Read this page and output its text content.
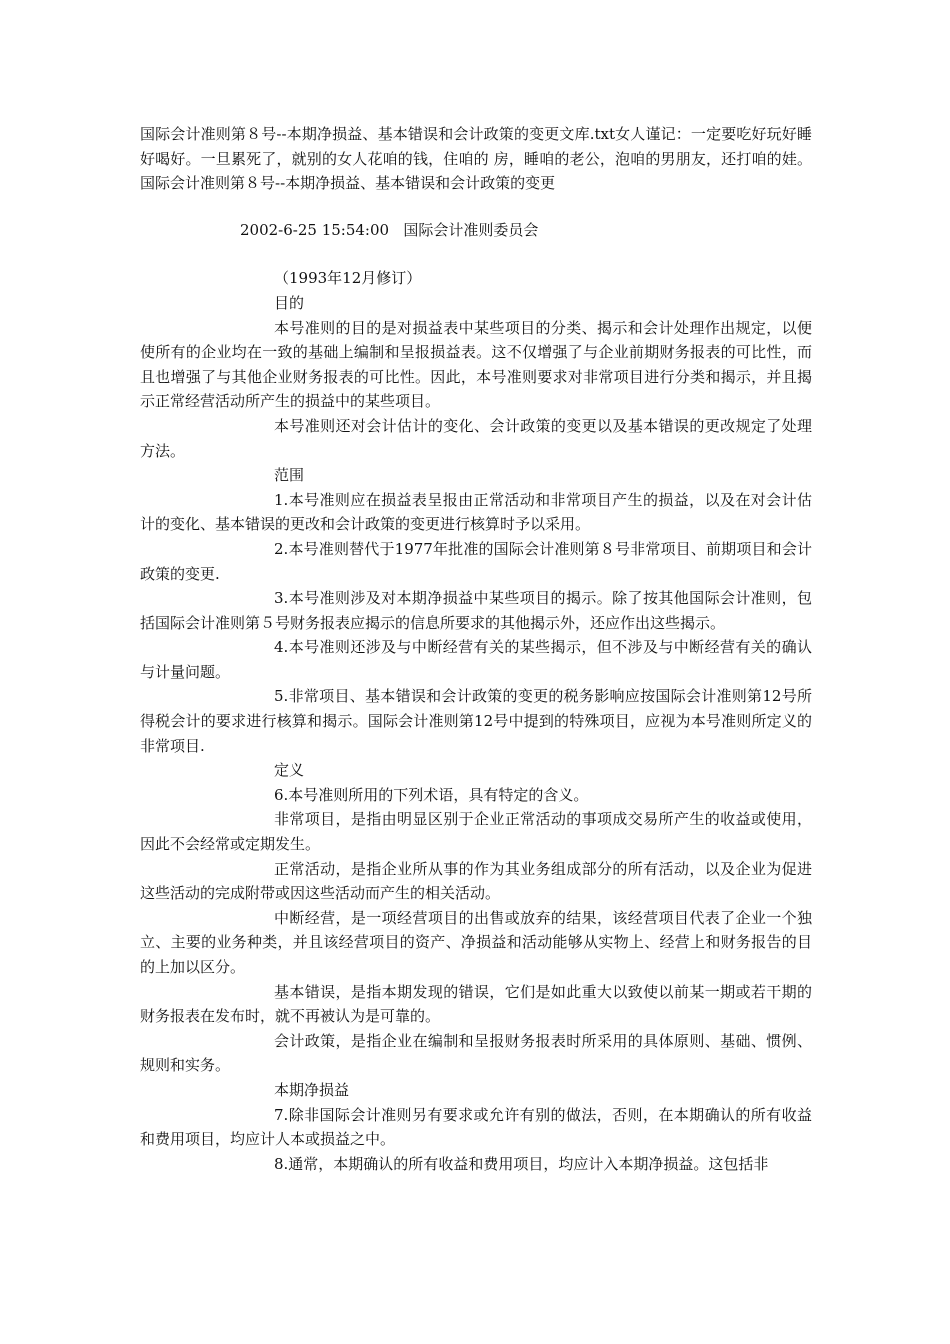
国际会计准则第８号--本期净损益、基本错误和会计政策的变更文库.txt女人谨记：一定要吃好玩好睡好喝好。一旦累死了，就别的女人花咱的钱，住咱的 房，睡咱的老公，泡咱的男朋友，还打咱的娃。 国际会计准则第８号--本期净损益、基本错误和会计政策的变更

2002-6-25 15:54:00   国际会计准则委员会

（1993年12月修订）

目的

本号准则的目的是对损益表中某些项目的分类、揭示和会计处理作出规定，以便使所有的企业均在一致的基础上编制和呈报损益表。这不仅增强了与企业前期财务报表的可比性，而且也增强了与其他企业财务报表的可比性。因此，本号准则要求对非常项目进行分类和揭示，并且揭示正常经营活动所产生的损益中的某些项目。

本号准则还对会计估计的变化、会计政策的变更以及基本错误的更改规定了处理方法。

范围

1.本号准则应在损益表呈报由正常活动和非常项目产生的损益，以及在对会计估计的变化、基本错误的更改和会计政策的变更进行核算时予以采用。

2.本号准则替代于1977年批准的国际会计准则第８号非常项目、前期项目和会计政策的变更.

3.本号准则涉及对本期净损益中某些项目的揭示。除了按其他国际会计准则，包括国际会计准则第５号财务报表应揭示的信息所要求的其他揭示外，还应作出这些揭示。

4.本号准则还涉及与中断经营有关的某些揭示，但不涉及与中断经营有关的确认与计量问题。

5.非常项目、基本错误和会计政策的变更的税务影响应按国际会计准则第12号所得税会计的要求进行核算和揭示。国际会计准则第12号中提到的特殊项目，应视为本号准则所定义的非常项目.

定义

6.本号准则所用的下列术语，具有特定的含义。

非常项目，是指由明显区别于企业正常活动的事项成交易所产生的收益或使用，因此不会经常或定期发生。

正常活动，是指企业所从事的作为其业务组成部分的所有活动，以及企业为促进这些活动的完成附带或因这些活动而产生的相关活动。

中断经营，是一项经营项目的出售或放弃的结果，该经营项目代表了企业一个独立、主要的业务种类，并且该经营项目的资产、净损益和活动能够从实物上、经营上和财务报告的目的上加以区分。

基本错误，是指本期发现的错误，它们是如此重大以致使以前某一期或若干期的财务报表在发布时，就不再被认为是可靠的。

会计政策，是指企业在编制和呈报财务报表时所采用的具体原则、基础、惯例、规则和实务。

本期净损益

7.除非国际会计准则另有要求或允许有别的做法，否则，在本期确认的所有收益和费用项目，均应计人本或损益之中。

8.通常，本期确认的所有收益和费用项目，均应计入本期净损益。这包括非
